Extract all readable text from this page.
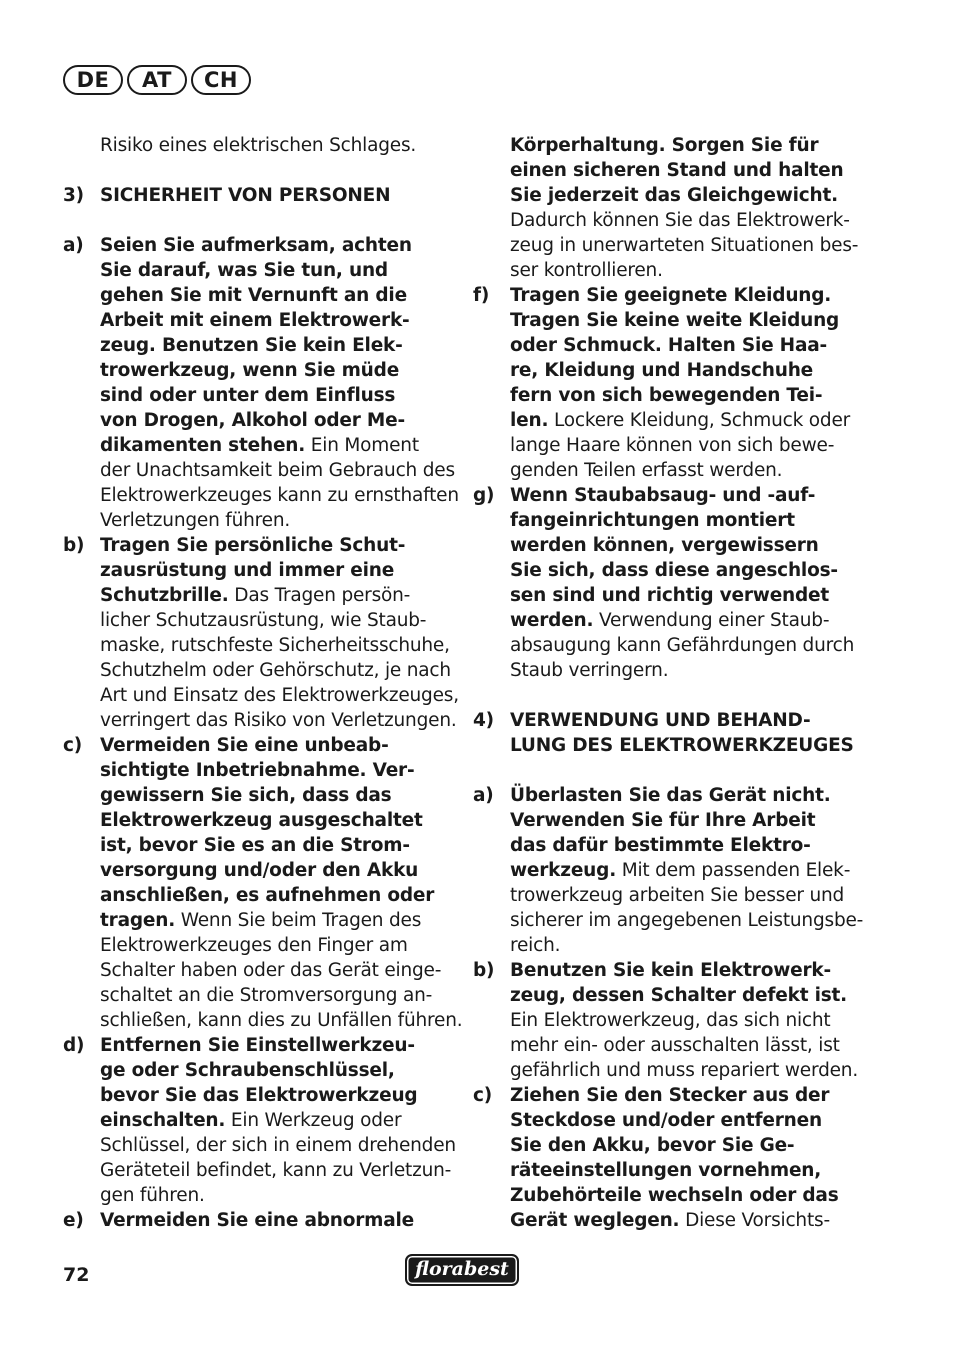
DE	AT	CH
Risiko eines elektrischen Schlages.
3) SICHERHEIT VON PERSONEN
a) Seien Sie aufmerksam, achten
Sie darauf, was Sie tun, und
gehen Sie mit Vernunft an die
Arbeit mit einem Elektrowerk-
zeug. Benutzen Sie kein Elek-
trowerkzeug, wenn Sie müde
sind oder unter dem Einfluss
von Drogen, Alkohol oder Me-
dikamenten stehen. Ein Moment
der Unachtsamkeit beim Gebrauch des
Elektrowerkzeuges kann zu ernsthaften
Verletzungen führen.
b) Tragen Sie persönliche Schut-
zausrüstung und immer eine
Schutzbrille. Das Tragen persön-
licher Schutzausrüstung, wie Staub-
maske, rutschfeste Sicherheitsschuhe,
Schutzhelm oder Gehörschutz, je nach
Art und Einsatz des Elektrowerkzeuges,
verringert das Risiko von Verletzungen.
c) Vermeiden Sie eine unbeab-
sichtigte Inbetriebnahme. Ver-
gewissern Sie sich, dass das
Elektrowerkzeug ausgeschaltet
ist, bevor Sie es an die Strom-
versorgung und/oder den Akku
anschließen, es aufnehmen oder
tragen. Wenn Sie beim Tragen des
Elektrowerkzeuges den Finger am
Schalter haben oder das Gerät einge-
schaltet an die Stromversorgung an-
schließen, kann dies zu Unfällen führen.
d) Entfernen Sie Einstellwerkzeu-
ge oder Schraubenschlüssel,
bevor Sie das Elektrowerkzeug
einschalten. Ein Werkzeug oder
Schlüssel, der sich in einem drehenden
Geräteteil befindet, kann zu Verletzun-
gen führen.
e) Vermeiden Sie eine abnormale
Körperhaltung. Sorgen Sie für
einen sicheren Stand und halten
Sie jederzeit das Gleichgewicht.
Dadurch können Sie das Elektrowerk-
zeug in unerwarteten Situationen bes-
ser kontrollieren.
f) Tragen Sie geeignete Kleidung.
Tragen Sie keine weite Kleidung
oder Schmuck. Halten Sie Haa-
re, Kleidung und Handschuhe
fern von sich bewegenden Tei-
len. Lockere Kleidung, Schmuck oder
lange Haare können von sich bewe-
genden Teilen erfasst werden.
g) Wenn Staubabsaug- und -auf-
fangeinrichtungen montiert
werden können, vergewissern
Sie sich, dass diese angeschlos-
sen sind und richtig verwendet
werden. Verwendung einer Staub-
absaugung kann Gefährdungen durch
Staub verringern.
4) VERWENDUNG UND BEHAND-
LUNG DES ELEKTROWERKZEUGES
a) Überlasten Sie das Gerät nicht.
Verwenden Sie für Ihre Arbeit
das dafür bestimmte Elektro-
werkzeug. Mit dem passenden Elek-
trowerkzeug arbeiten Sie besser und
sicherer im angegebenen Leistungsbe-
reich.
b) Benutzen Sie kein Elektrowerk-
zeug, dessen Schalter defekt ist.
Ein Elektrowerkzeug, das sich nicht
mehr ein- oder ausschalten lässt, ist
gefährlich und muss repariert werden.
c) Ziehen Sie den Stecker aus der
Steckdose und/oder entfernen
Sie den Akku, bevor Sie Ge-
räteeinstellungen vornehmen,
Zubehörteile wechseln oder das
Gerät weglegen. Diese Vorsichts-
72	florabest
